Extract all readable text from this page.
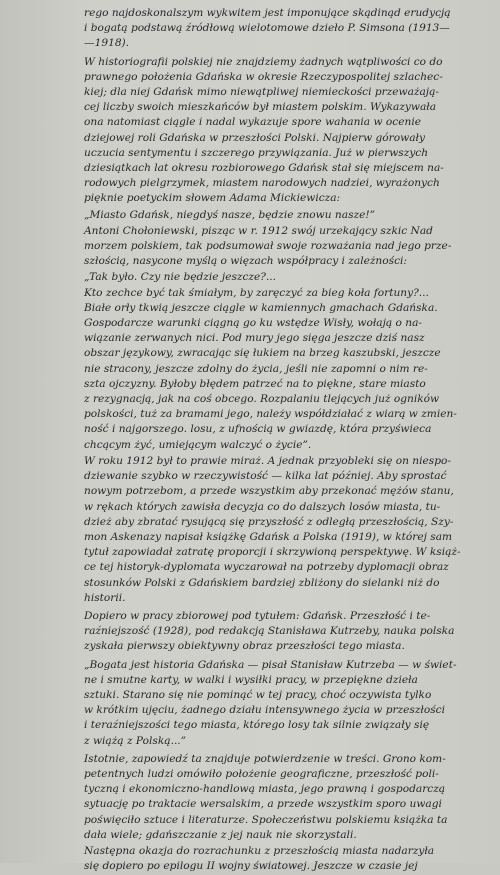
rego najdoskonalszym wykwitem jest imponujące skądinąd erudycją
i bogatą podstawą źródłową wielotomowe dzieło P. Simsona (1913—
—1918).

W historiografii polskiej nie znajdziemy żadnych wątpliwości co do
prawnego położenia Gdańska w okresie Rzeczypospolitej szlachec-
kiej; dla niej Gdańsk mimo niewątpliwej niemieckości przeważają-
cej liczby swoich mieszkańców był miastem polskim. Wykazywała
ona natomiast ciągle i nadal wykazuje spore wahania w ocenie
dziejowej roli Gdańska w przeszłości Polski. Najpierw górowały
uczucia sentymentu i szczerego przywiązania. Już w pierwszych
dziesiątkach lat okresu rozbiorowego Gdańsk stał się miejscem na-
rodowych pielgrzymek, miastem narodowych nadziei, wyrażonych
pięknie poetyckim słowem Adama Mickiewicza:

„Miasto Gdańsk, niegdyś nasze, będzie znowu nasze!”

Antoni Chołoniewski, pisząc w r. 1912 swój urzekający szkic Nad
morzem polskiem, tak podsumował swoje rozważania nad jego prze-
szłością, nasycone myślą o więzach współpracy i zależności:

„Tak było. Czy nie będzie jeszcze?...
Kto zechce być tak śmiałym, by zaręczyć za bieg koła fortuny?...
Białe orły tkwią jeszcze ciągle w kamiennych gmachach Gdańska.
Gospodarcze warunki ciągną go ku wstędze Wisły, wołają o na-
wiązanie zerwanych nici. Pod mury jego sięga jeszcze dziś nasz
obszar językowy, zwracając się łukiem na brzeg kaszubski, jeszcze
nie stracony, jeszcze zdolny do życia, jeśli nie zapomni o nim re-
szta ojczyzny. Byłoby błędem patrzeć na to piękne, stare miasto
z rezygnacją, jak na coś obcego. Rozpalaniu tlejących już ogników
polskości, tuż za bramami jego, należy współdziałać z wiarą w zmien-
ność i najgorszego. losu, z ufnością w gwiazdę, która przyświeca
chcącym żyć, umiejącym walczyć o życie”.

W roku 1912 był to prawie miraż. A jednak przyobleki się on niespo-
dziewanie szybko w rzeczywistość — kilka lat później. Aby sprostać
nowym potrzebom, a przede wszystkim aby przekonać mężów stanu,
w rękach których zawisła decyzja co do dalszych losów miasta, tu-
dzież aby zbratać rysującą się przyszłość z odległą przeszłością, Szy-
mon Askenazy napisał książkę Gdańsk a Polska (1919), w której sam
tytuł zapowiadał zatratę proporcji i skrzywioną perspektywę. W książ-
ce tej historyk-dyplomata wyczarował na potrzeby dyplomacji obraz
stosunków Polski z Gdańskiem bardziej zbliżony do sielanki niż do
historii.

Dopiero w pracy zbiorowej pod tytułem: Gdańsk. Przeszłość i te-
raźniejszość (1928), pod redakcją Stanisława Kutrzeby, nauka polska
zyskała pierwszy obiektywny obraz przeszłości tego miasta.

„Bogata jest historia Gdańska — pisał Stanisław Kutrzeba — w świet-
ne i smutne karty, w walki i wysiłki pracy, w przepiękne dzieła
sztuki. Starano się nie pominąć w tej pracy, choć oczywista tylko
w krótkim ujęciu, żadnego działu intensywnego życia w przeszłości
i teraźniejszości tego miasta, którego losy tak silnie związały się
z wiążą z Polską...”

Istotnie, zapowiedź ta znajduje potwierdzenie w treści. Grono kom-
petentnych ludzi omówiło położenie geograficzne, przeszłość poli-
tyczną i ekonomiczno-handlową miasta, jego prawną i gospodarczą
sytuację po traktacie wersalskim, a przede wszystkim sporo uwagi
poświęciło sztuce i literaturze. Społeczeństwu polskiemu książka ta
dała wiele; gdańszczanie z jej nauk nie skorzystali.

Następna okazja do rozrachunku z przeszłością miasta nadarzyła
się dopiero po epilogu II wojny światowej. Jeszcze w czasie jej
